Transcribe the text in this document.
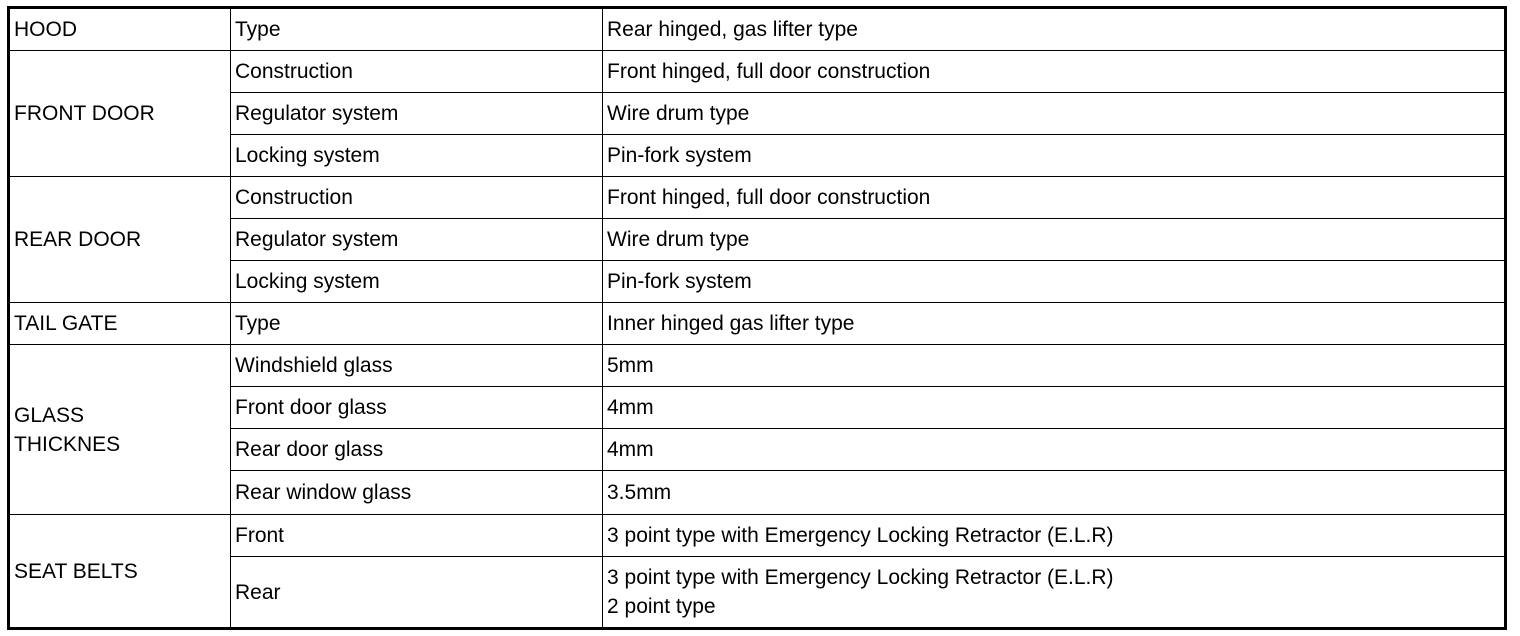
HOOD	Type	Rear hinged, gas lifter type
FRONT DOOR	Construction	Front hinged, full door construction
	Regulator system	Wire drum type
	Locking system	Pin-fork system
REAR DOOR	Construction	Front hinged, full door construction
	Regulator system	Wire drum type
	Locking system	Pin-fork system
TAIL GATE	Type	Inner hinged gas lifter type

GLASS
THICKNES	Windshield glass	5mm
	Front door glass	4mm
	Rear door glass	4mm
	Rear window glass	3.5mm
SEAT BELTS	Front	3 point type with Emergency Locking Retractor (E.L.R)
	Rear	3 point type with Emergency Locking Retractor (E.L.R)
2 point type
